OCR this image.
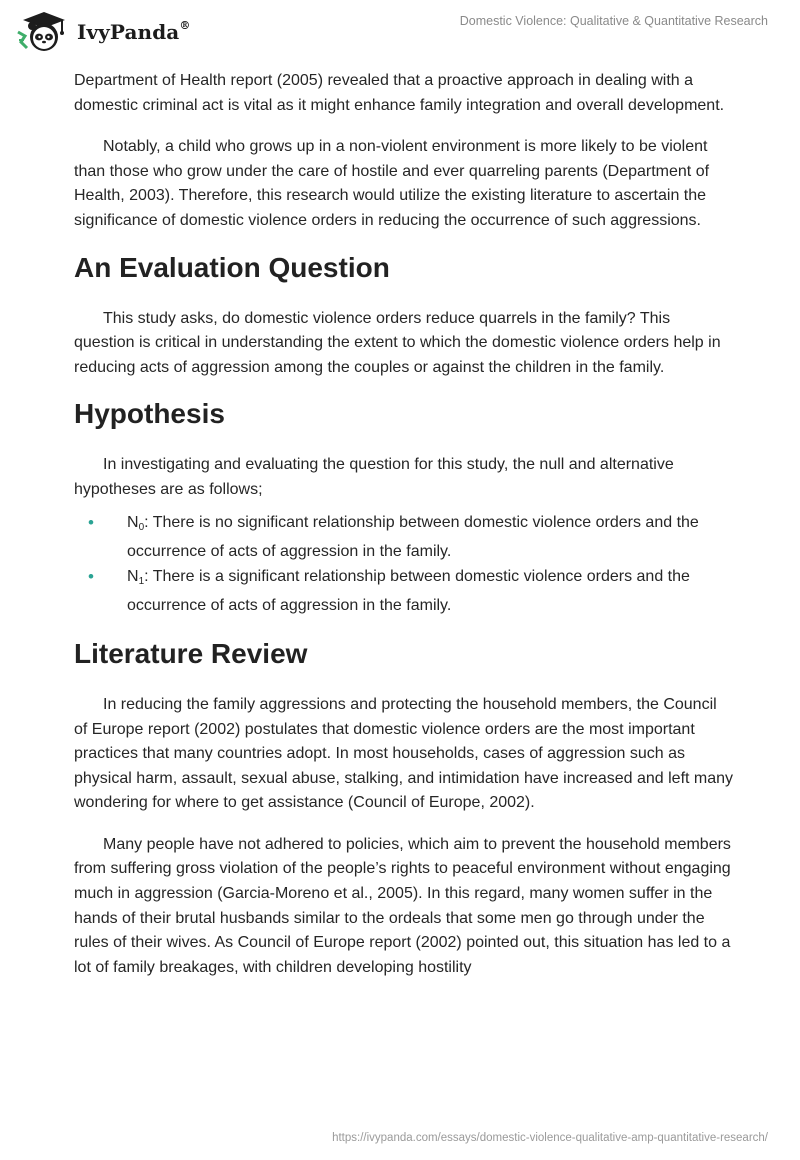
IvyPanda®	Domestic Violence: Qualitative & Quantitative Research

Department of Health report (2005) revealed that a proactive approach in dealing with a domestic criminal act is vital as it might enhance family integration and overall development.

Notably, a child who grows up in a non-violent environment is more likely to be violent than those who grow under the care of hostile and ever quarreling parents (Department of Health, 2003). Therefore, this research would utilize the existing literature to ascertain the significance of domestic violence orders in reducing the occurrence of such aggressions.

An Evaluation Question

This study asks, do domestic violence orders reduce quarrels in the family? This question is critical in understanding the extent to which the domestic violence orders help in reducing acts of aggression among the couples or against the children in the family.

Hypothesis

In investigating and evaluating the question for this study, the null and alternative hypotheses are as follows;

• $N_0$: There is no significant relationship between domestic violence orders and the occurrence of acts of aggression in the family.
• $N_1$: There is a significant relationship between domestic violence orders and the occurrence of acts of aggression in the family.
Literature Review

In reducing the family aggressions and protecting the household members, the Council of Europe report (2002) postulates that domestic violence orders are the most important practices that many countries adopt. In most households, cases of aggression such as physical harm, assault, sexual abuse, stalking, and intimidation have increased and left many wondering for where to get assistance (Council of Europe, 2002).

Many people have not adhered to policies, which aim to prevent the household members from suffering gross violation of the people’s rights to peaceful environment without engaging much in aggression (Garcia-Moreno et al., 2005). In this regard, many women suffer in the hands of their brutal husbands similar to the ordeals that some men go through under the rules of their wives. As Council of Europe report (2002) pointed out, this situation has led to a lot of family breakages, with children developing hostility

https://ivypanda.com/essays/domestic-violence-qualitative-amp-quantitative-research/
